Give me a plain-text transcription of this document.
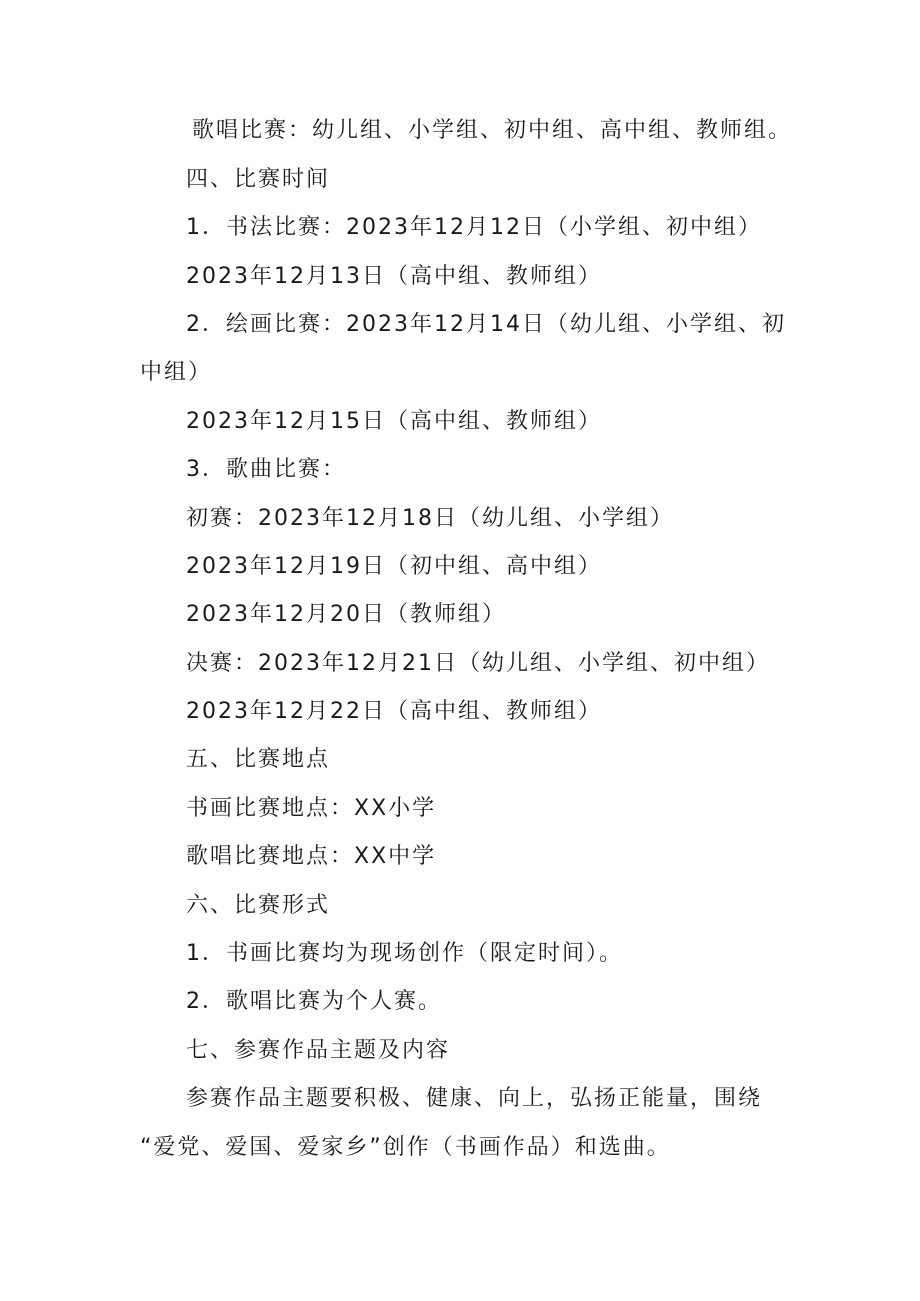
歌唱比赛：幼儿组、小学组、初中组、高中组、教师组。
四、比赛时间
1．书法比赛：2023年12月12日（小学组、初中组）
2023年12月13日（高中组、教师组）
2．绘画比赛：2023年12月14日（幼儿组、小学组、初
中组）
2023年12月15日（高中组、教师组）
3．歌曲比赛：
初赛：2023年12月18日（幼儿组、小学组）
2023年12月19日（初中组、高中组）
2023年12月20日（教师组）
决赛：2023年12月21日（幼儿组、小学组、初中组）
2023年12月22日（高中组、教师组）
五、比赛地点
书画比赛地点：XX小学
歌唱比赛地点：XX中学
六、比赛形式
1．书画比赛均为现场创作（限定时间）。
2．歌唱比赛为个人赛。
七、参赛作品主题及内容
参赛作品主题要积极、健康、向上，弘扬正能量，围绕
“爱党、爱国、爱家乡”创作（书画作品）和选曲。
